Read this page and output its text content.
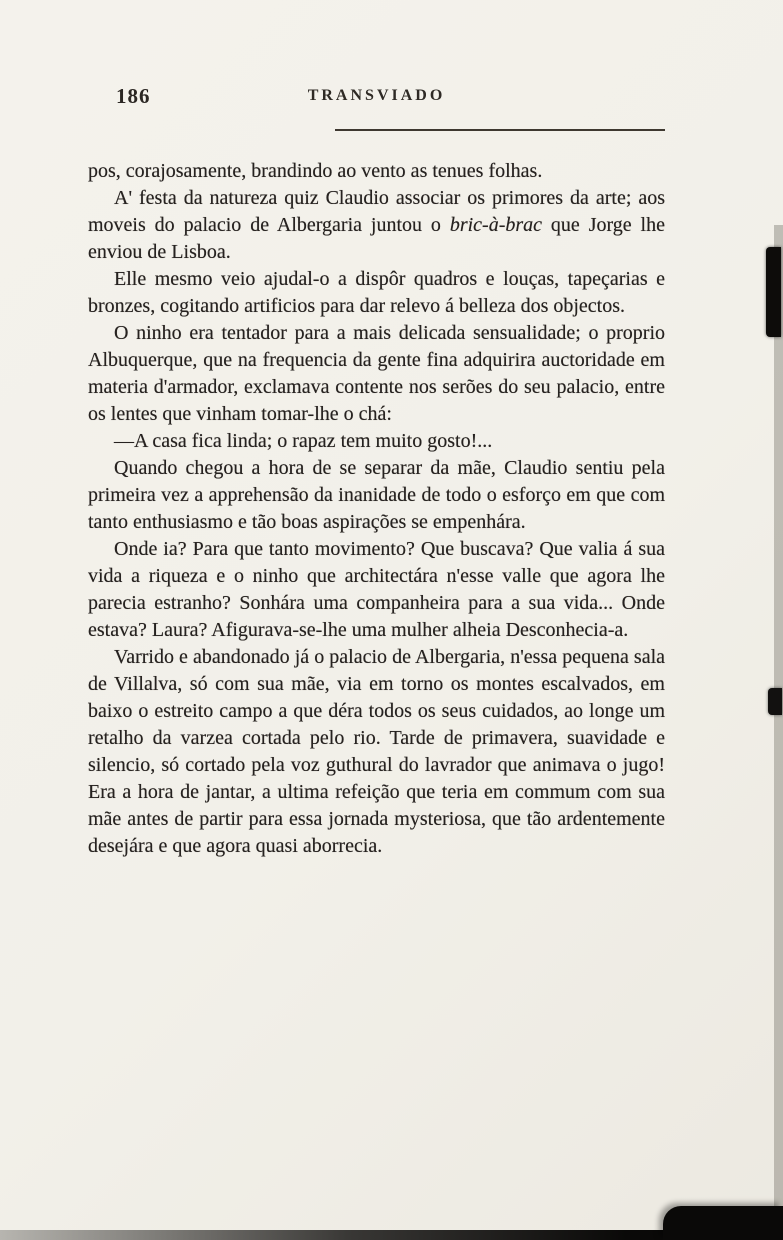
186	TRANSVIADO

pos, corajosamente, brandindo ao vento as tenues folhas.

A' festa da natureza quiz Claudio associar os primores da arte; aos moveis do palacio de Albergaria juntou o bric-à-brac que Jorge lhe enviou de Lisboa.

Elle mesmo veio ajudal-o a dispôr quadros e louças, tapeçarias e bronzes, cogitando artificios para dar relevo á belleza dos objectos.

O ninho era tentador para a mais delicada sensualidade; o proprio Albuquerque, que na frequencia da gente fina adquirira auctoridade em materia d'armador, exclamava contente nos serões do seu palacio, entre os lentes que vinham tomar-lhe o chá:

—A casa fica linda; o rapaz tem muito gosto!...

Quando chegou a hora de se separar da mãe, Claudio sentiu pela primeira vez a apprehensão da inanidade de todo o esforço em que com tanto enthusiasmo e tão boas aspirações se empenhára.

Onde ia? Para que tanto movimento? Que buscava? Que valia á sua vida a riqueza e o ninho que architectára n'esse valle que agora lhe parecia estranho? Sonhára uma companheira para a sua vida... Onde estava? Laura? Afigurava-se-lhe uma mulher alheia Desconhecia-a.

Varrido e abandonado já o palacio de Albergaria, n'essa pequena sala de Villalva, só com sua mãe, via em torno os montes escalvados, em baixo o estreito campo a que déra todos os seus cuidados, ao longe um retalho da varzea cortada pelo rio. Tarde de primavera, suavidade e silencio, só cortado pela voz guthural do lavrador que animava o jugo! Era a hora de jantar, a ultima refeição que teria em commum com sua mãe antes de partir para essa jornada mysteriosa, que tão ardentemente desejára e que agora quasi aborrecia.
